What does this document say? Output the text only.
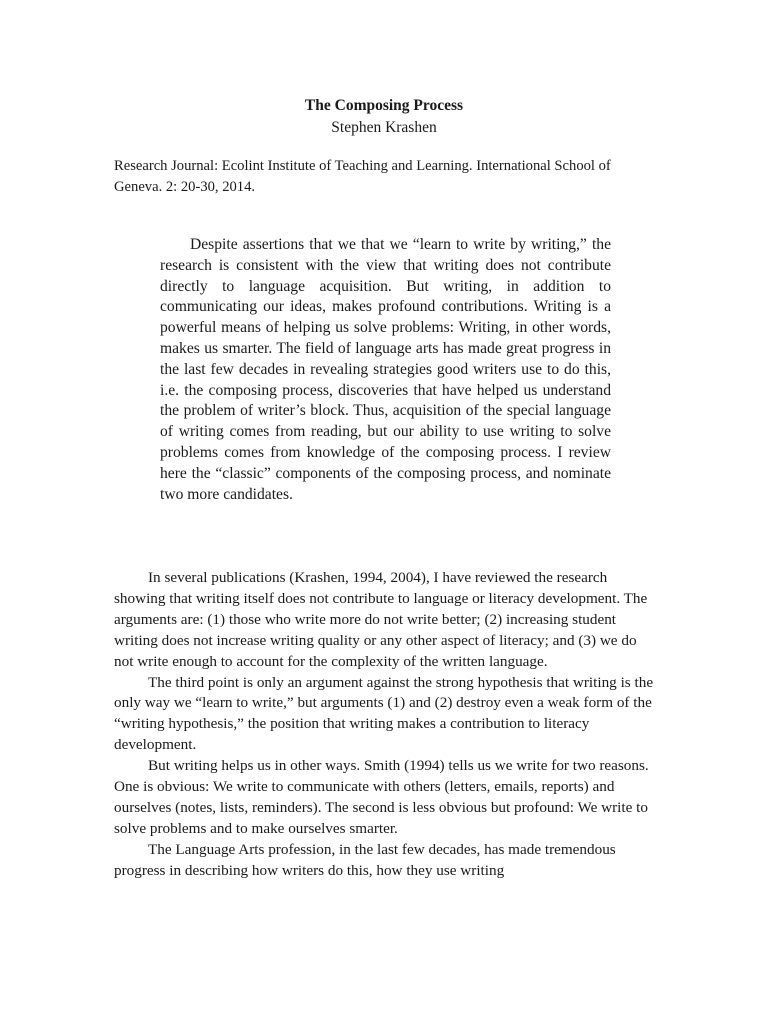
The Composing Process
Stephen Krashen

Research Journal: Ecolint Institute of Teaching and Learning. International School of Geneva. 2: 20-30, 2014.

Despite assertions that we that we “learn to write by writing,” the research is consistent with the view that writing does not contribute directly to language acquisition. But writing, in addition to communicating our ideas, makes profound contributions. Writing is a powerful means of helping us solve problems: Writing, in other words, makes us smarter. The field of language arts has made great progress in the last few decades in revealing strategies good writers use to do this, i.e. the composing process, discoveries that have helped us understand the problem of writer’s block. Thus, acquisition of the special language of writing comes from reading, but our ability to use writing to solve problems comes from knowledge of the composing process. I review here the “classic” components of the composing process, and nominate two more candidates.

In several publications (Krashen, 1994, 2004), I have reviewed the research showing that writing itself does not contribute to language or literacy development. The arguments are: (1) those who write more do not write better; (2) increasing student writing does not increase writing quality or any other aspect of literacy; and (3) we do not write enough to account for the complexity of the written language.

The third point is only an argument against the strong hypothesis that writing is the only way we “learn to write,” but arguments (1) and (2) destroy even a weak form of the “writing hypothesis,” the position that writing makes a contribution to literacy development.

But writing helps us in other ways. Smith (1994) tells us we write for two reasons. One is obvious: We write to communicate with others (letters, emails, reports) and ourselves (notes, lists, reminders). The second is less obvious but profound: We write to solve problems and to make ourselves smarter.

The Language Arts profession, in the last few decades, has made tremendous progress in describing how writers do this, how they use writing
